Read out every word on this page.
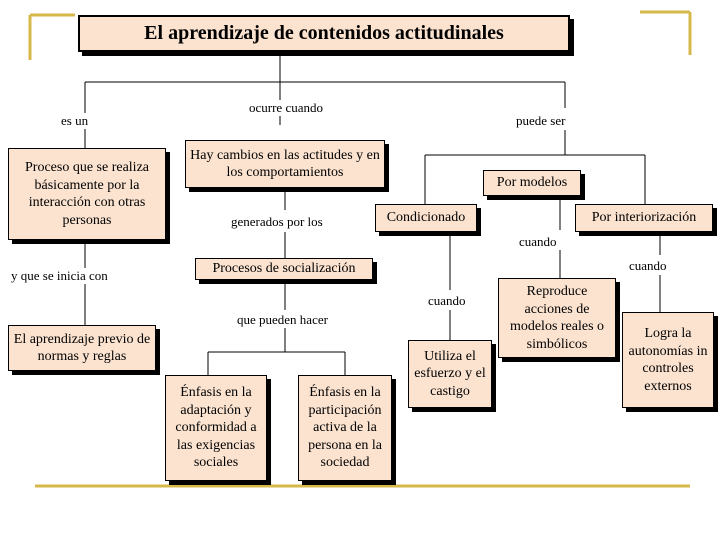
El aprendizaje de contenidos actitudinales
es un
ocurre cuando
puede ser
Proceso que se realiza básicamente por la interacción con otras personas
Hay cambios en las actitudes y en los comportamientos
generados por los
Por modelos
Condicionado	Por interiorización
cuando
cuando
y que se inicia con	Procesos de socialización
cuando
Reproduce acciones de modelos reales o simbólicos
que pueden hacer
Logra la autonomías in controles externos
El aprendizaje previo de normas y reglas	Utiliza el esfuerzo y el castigo
Énfasis en la adaptación y conformidad a las exigencias sociales
Énfasis en la participación activa de la persona en la sociedad
